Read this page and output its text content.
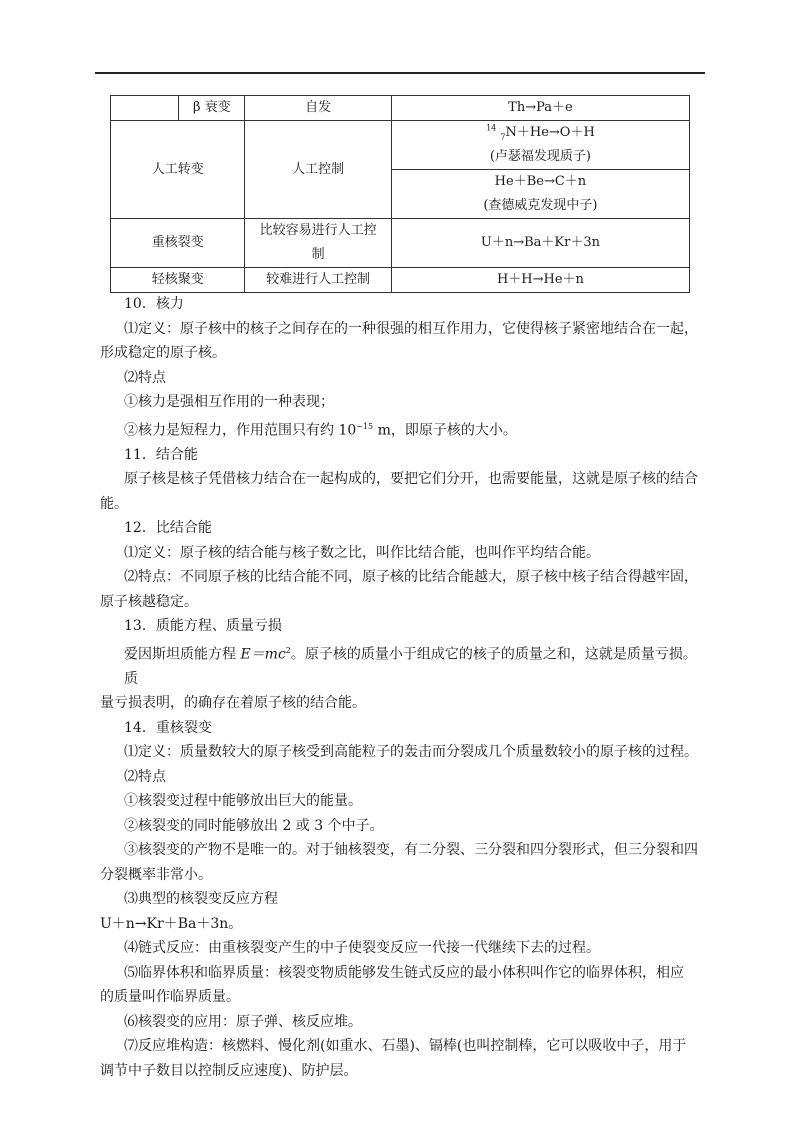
	β 衰变	自发	Th→Pa＋e
人工转变		人工控制	$^{14}$ $_7$N＋He→O＋H
(卢瑟福发现质子)

			He＋Be→C＋n
(查德威克发现中子)

重核裂变		比较容易进行人工控
制	U＋n→Ba＋Kr＋3n
轻核聚变		较难进行人工控制	H＋H→He＋n

10．核力

⑴定义：原子核中的核子之间存在的一种很强的相互作用力，它使得核子紧密地结合在一起，

形成稳定的原子核。

⑵特点

①核力是强相互作用的一种表现；

②核力是短程力，作用范围只有约 $10^{-15}$ m，即原子核的大小。

11．结合能

原子核是核子凭借核力结合在一起构成的，要把它们分开，也需要能量，这就是原子核的结合

能。

12．比结合能

⑴定义：原子核的结合能与核子数之比，叫作比结合能，也叫作平均结合能。

⑵特点：不同原子核的比结合能不同，原子核的比结合能越大，原子核中核子结合得越牢固，

原子核越稳定。

13．质能方程、质量亏损

爱因斯坦质能方程 $E=mc^2$。原子核的质量小于组成它的核子的质量之和，这就是质量亏损。质

量亏损表明，的确存在着原子核的结合能。

14．重核裂变

⑴定义：质量数较大的原子核受到高能粒子的轰击而分裂成几个质量数较小的原子核的过程。

⑵特点

①核裂变过程中能够放出巨大的能量。

②核裂变的同时能够放出 2 或 3 个中子。

③核裂变的产物不是唯一的。对于铀核裂变，有二分裂、三分裂和四分裂形式，但三分裂和四

分裂概率非常小。

⑶典型的核裂变反应方程

U＋n→Kr＋Ba＋3n。

⑷链式反应：由重核裂变产生的中子使裂变反应一代接一代继续下去的过程。

⑸临界体积和临界质量：核裂变物质能够发生链式反应的最小体积叫作它的临界体积，相应

的质量叫作临界质量。

⑹核裂变的应用：原子弹、核反应堆。

⑺反应堆构造：核燃料、慢化剂(如重水、石墨)、镉棒(也叫控制棒，它可以吸收中子，用于

调节中子数目以控制反应速度)、防护层。
